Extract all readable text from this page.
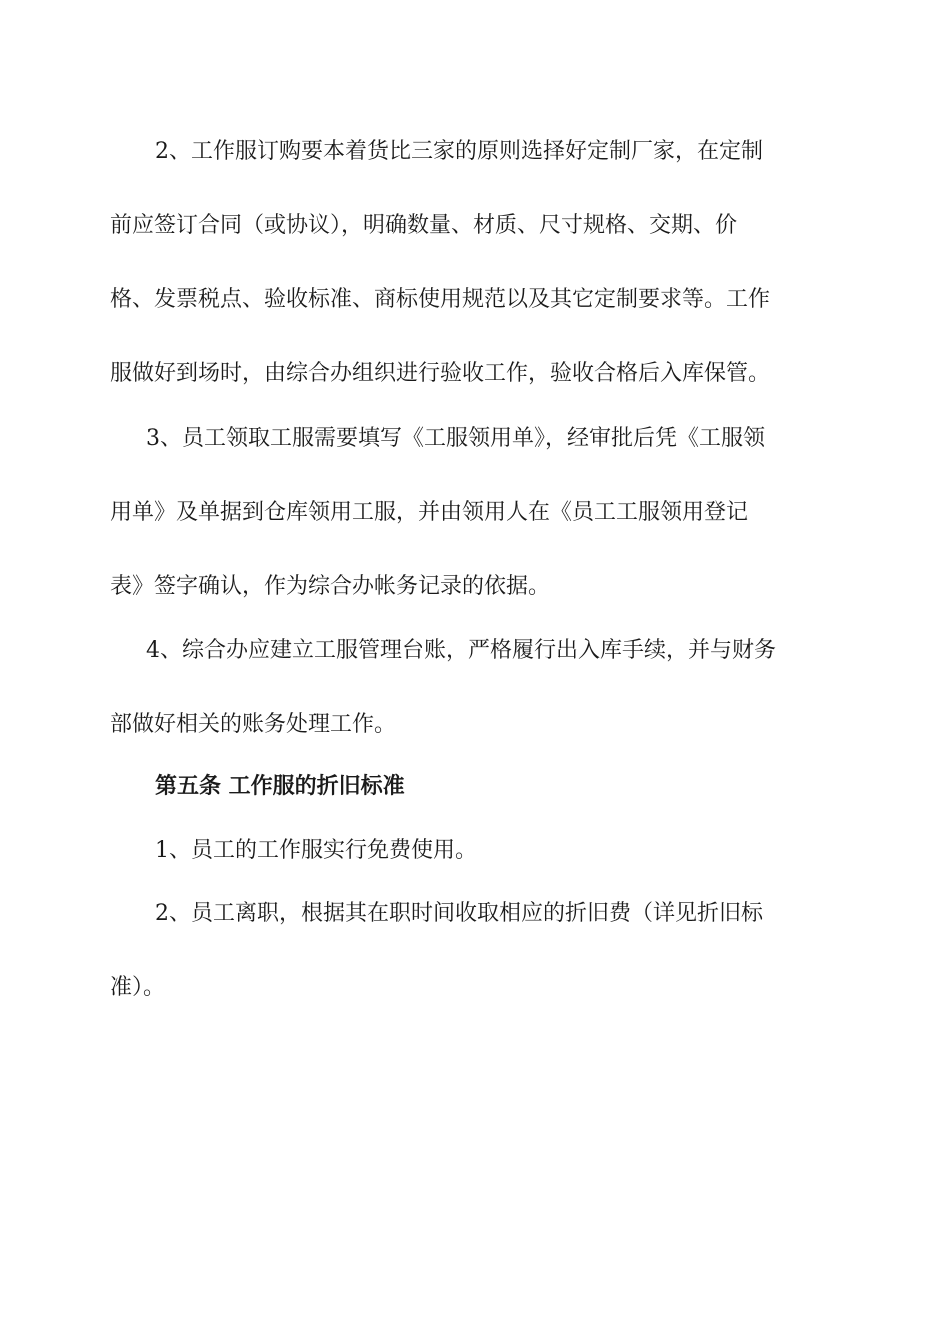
2、工作服订购要本着货比三家的原则选择好定制厂家，在定制
前应签订合同（或协议），明确数量、材质、尺寸规格、交期、价
格、发票税点、验收标准、商标使用规范以及其它定制要求等。工作
服做好到场时，由综合办组织进行验收工作，验收合格后入库保管。
3、员工领取工服需要填写《工服领用单》，经审批后凭《工服领
用单》及单据到仓库领用工服，并由领用人在《员工工服领用登记
表》签字确认，作为综合办帐务记录的依据。
4、综合办应建立工服管理台账，严格履行出入库手续，并与财务
部做好相关的账务处理工作。
第五条 工作服的折旧标准
1、员工的工作服实行免费使用。
2、员工离职，根据其在职时间收取相应的折旧费（详见折旧标
准）。
